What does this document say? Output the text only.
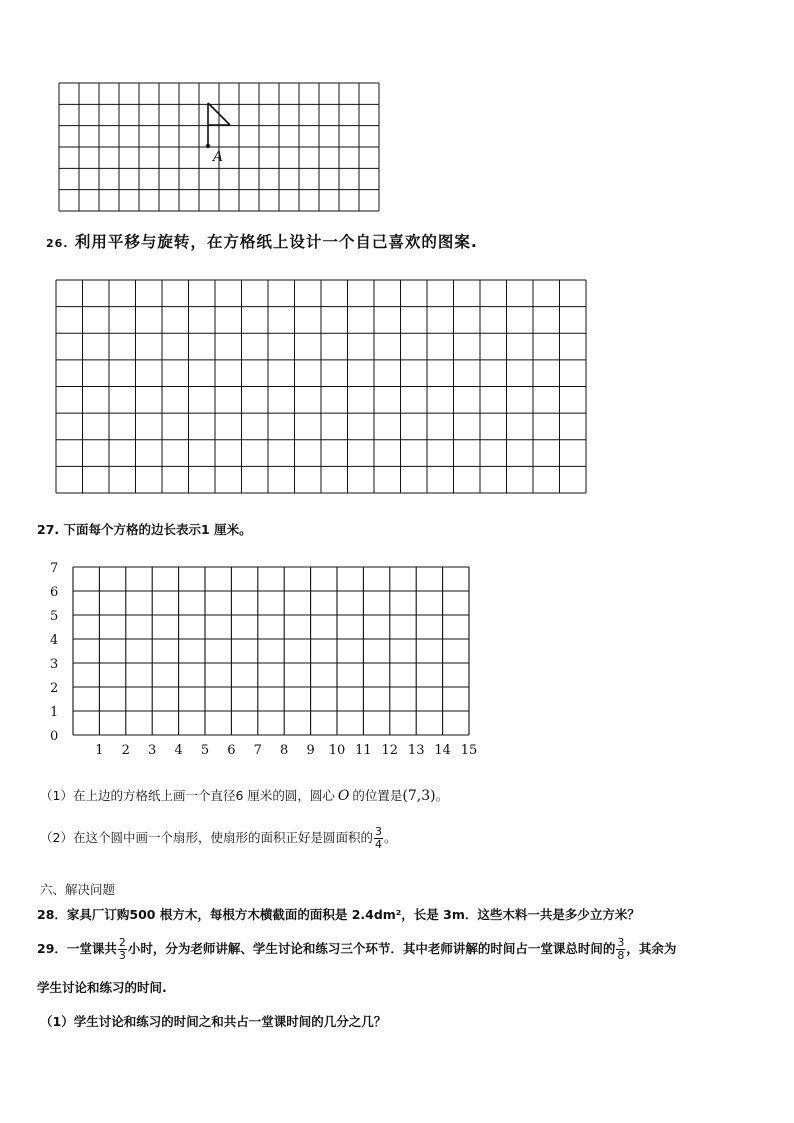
A
26. 利用平移与旋转，在方格纸上设计一个自己喜欢的图案.
27. 下面每个方格的边长表示1 厘米。
0
1
2
3
4
5
6
7
1 2 3 4 5 6 7 8 9 10 11 12 13 14 15
（1）在上边的方格纸上画一个直径6 厘米的圆，圆心 O 的位置是(7,3)。
（2）在这个圆中画一个扇形，使扇形的面积正好是圆面积的 $\frac{3}{4}$ 。
六、解决问题
28．家具厂订购500 根方木，每根方木横截面的面积是 2.4dm²，长是 3m．这些木料一共是多少立方米？
29．一堂课共 $\frac{2}{3}$ 小时，分为老师讲解、学生讨论和练习三个环节．其中老师讲解的时间占一堂课总时间的 $\frac{3}{8}$ ，其余为
学生讨论和练习的时间.
（1）学生讨论和练习的时间之和共占一堂课时间的几分之几？
